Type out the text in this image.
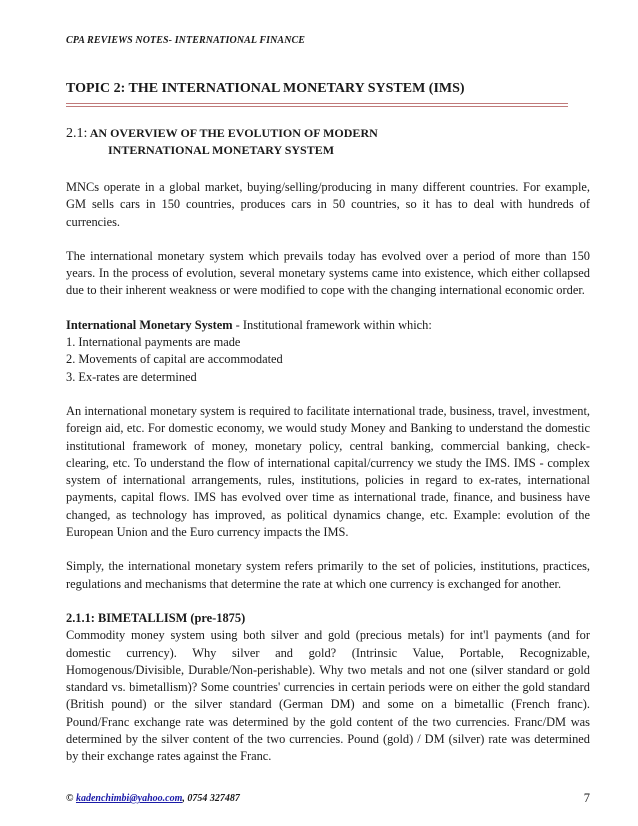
CPA REVIEWS NOTES- INTERNATIONAL FINANCE
TOPIC 2: THE INTERNATIONAL MONETARY SYSTEM (IMS)
2.1: AN OVERVIEW OF THE EVOLUTION OF MODERN
INTERNATIONAL MONETARY SYSTEM

MNCs operate in a global market, buying/selling/producing in many different countries. For example, GM sells cars in 150 countries, produces cars in 50 countries, so it has to deal with hundreds of currencies.

The international monetary system which prevails today has evolved over a period of more than 150 years. In the process of evolution, several monetary systems came into existence, which either collapsed due to their inherent weakness or were modified to cope with the changing international economic order.

International Monetary System - Institutional framework within which:

1. International payments are made
2. Movements of capital are accommodated
3. Ex-rates are determined

An international monetary system is required to facilitate international trade, business, travel, investment, foreign aid, etc. For domestic economy, we would study Money and Banking to understand the domestic institutional framework of money, monetary policy, central banking, commercial banking, check-clearing, etc. To understand the flow of international capital/currency we study the IMS. IMS - complex system of international arrangements, rules, institutions, policies in regard to ex-rates, international payments, capital flows. IMS has evolved over time as international trade, finance, and business have changed, as technology has improved, as political dynamics change, etc. Example: evolution of the European Union and the Euro currency impacts the IMS.

Simply, the international monetary system refers primarily to the set of policies, institutions, practices, regulations and mechanisms that determine the rate at which one currency is exchanged for another.

2.1.1: BIMETALLISM (pre-1875)

Commodity money system using both silver and gold (precious metals) for int'l payments (and for domestic currency). Why silver and gold? (Intrinsic Value, Portable, Recognizable, Homogenous/Divisible, Durable/Non-perishable). Why two metals and not one (silver standard or gold standard vs. bimetallism)? Some countries' currencies in certain periods were on either the gold standard (British pound) or the silver standard (German DM) and some on a bimetallic (French franc). Pound/Franc exchange rate was determined by the gold content of the two currencies. Franc/DM was determined by the silver content of the two currencies. Pound (gold) / DM (silver) rate was determined by their exchange rates against the Franc.

© kadenchimbi@yahoo.com, 0754 327487	7
